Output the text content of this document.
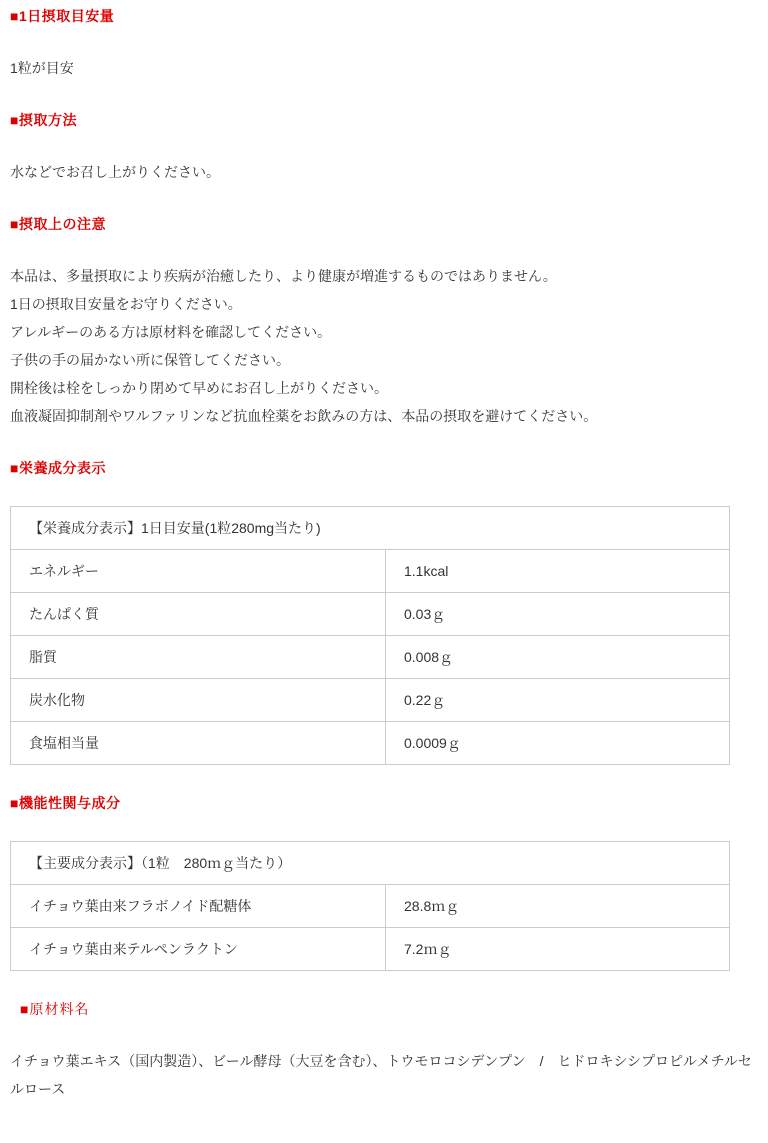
■1日摂取目安量
1粒が目安
■摂取方法
水などでお召し上がりください。
■摂取上の注意
本品は、多量摂取により疾病が治癒したり、より健康が増進するものではありません。
1日の摂取目安量をお守りください。
アレルギーのある方は原材料を確認してください。
子供の手の届かない所に保管してください。
開栓後は栓をしっかり閉めて早めにお召し上がりください。
血液凝固抑制剤やワルファリンなど抗血栓薬をお飲みの方は、本品の摂取を避けてください。
■栄養成分表示
【栄養成分表示】1日目安量(1粒280mg当たり)	
エネルギー	1.1kcal
たんぱく質	0.03ｇ
脂質	0.008ｇ
炭水化物	0.22ｇ
食塩相当量	0.0009ｇ
■機能性関与成分
【主要成分表示】（1粒　280ｍｇ当たり）	
イチョウ葉由来フラボノイド配糖体	28.8ｍｇ
イチョウ葉由来テルペンラクトン	7.2ｍｇ
■原材料名
イチョウ葉エキス（国内製造）、ビール酵母（大豆を含む）、トウモロコシデンプン　/　ヒドロキシシプロピルメチルセルロース
